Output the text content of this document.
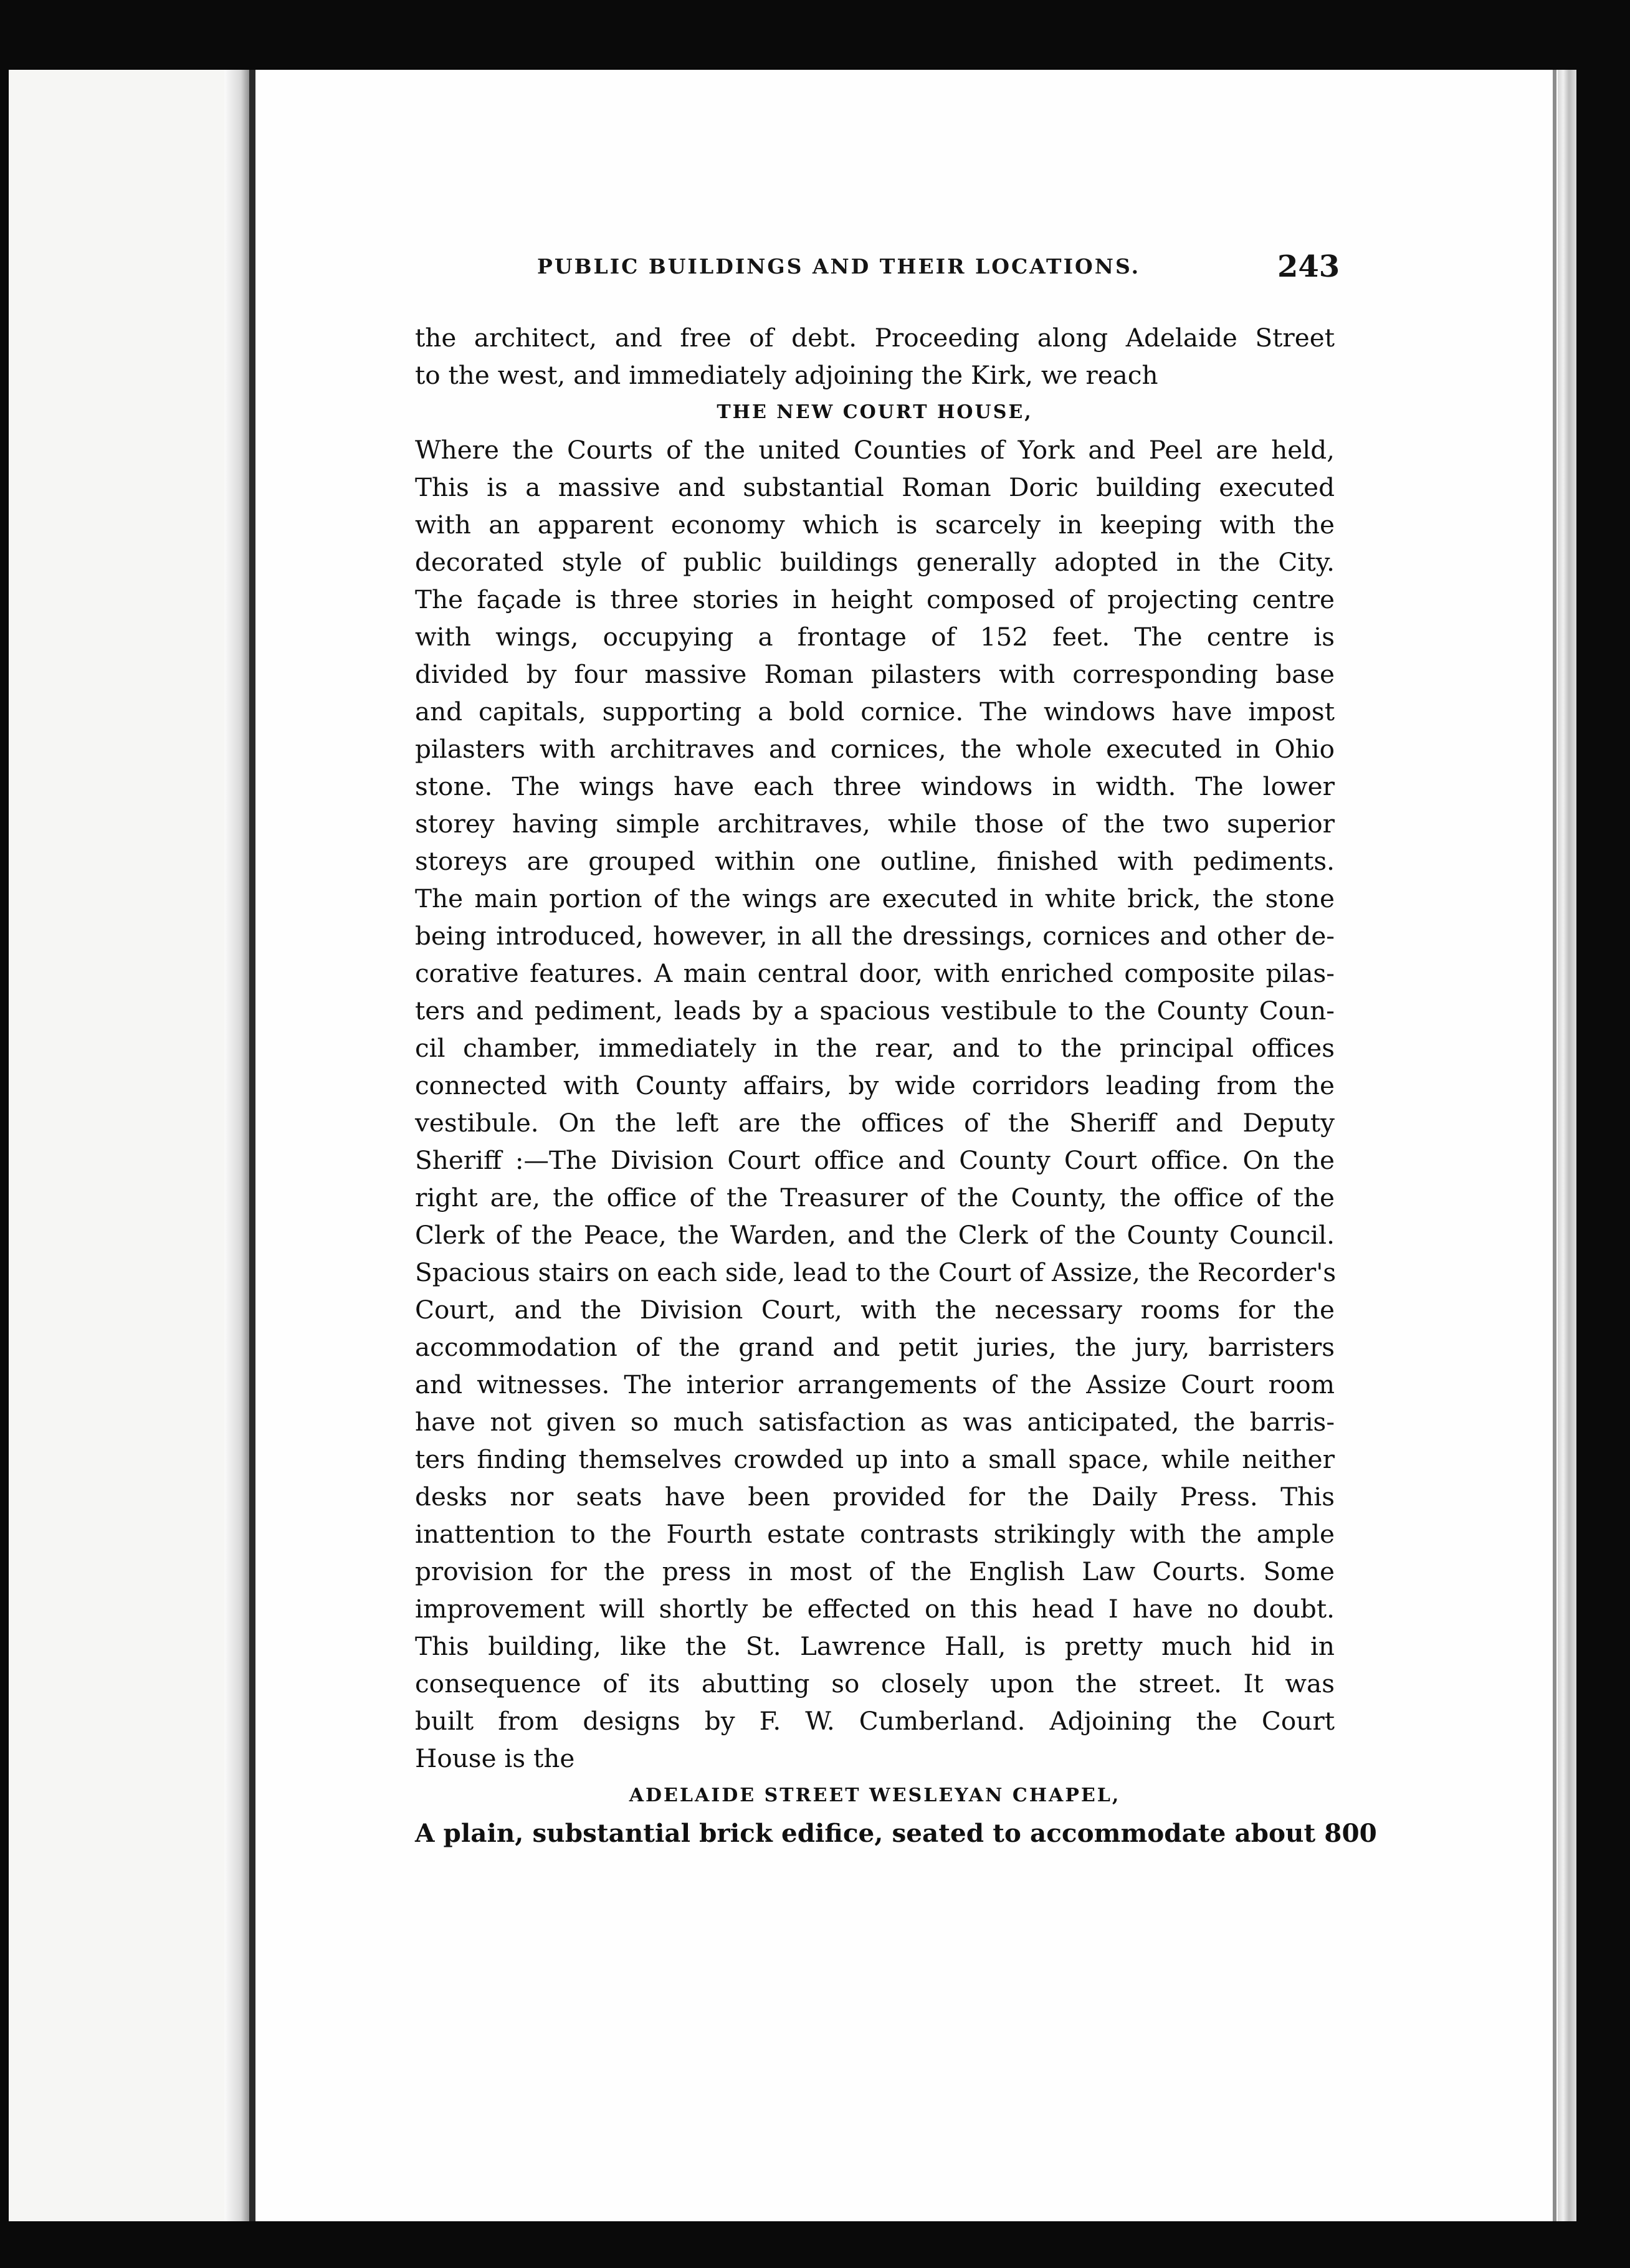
PUBLIC BUILDINGS AND THEIR LOCATIONS.	243
the architect, and free of debt. Proceeding along Adelaide Street
to the west, and immediately adjoining the Kirk, we reach
THE NEW COURT HOUSE,
Where the Courts of the united Counties of York and Peel are held,
This is a massive and substantial Roman Doric building executed
with an apparent economy which is scarcely in keeping with the
decorated style of public buildings generally adopted in the City.
The façade is three stories in height composed of projecting centre
with wings, occupying a frontage of 152 feet. The centre is
divided by four massive Roman pilasters with corresponding base
and capitals, supporting a bold cornice. The windows have impost
pilasters with architraves and cornices, the whole executed in Ohio
stone. The wings have each three windows in width. The lower
storey having simple architraves, while those of the two superior
storeys are grouped within one outline, finished with pediments.
The main portion of the wings are executed in white brick, the stone
being introduced, however, in all the dressings, cornices and other de-
corative features. A main central door, with enriched composite pilas-
ters and pediment, leads by a spacious vestibule to the County Coun-
cil chamber, immediately in the rear, and to the principal offices
connected with County affairs, by wide corridors leading from the
vestibule. On the left are the offices of the Sheriff and Deputy
Sheriff :—The Division Court office and County Court office. On the
right are, the office of the Treasurer of the County, the office of the
Clerk of the Peace, the Warden, and the Clerk of the County Council.
Spacious stairs on each side, lead to the Court of Assize, the Recorder's
Court, and the Division Court, with the necessary rooms for the
accommodation of the grand and petit juries, the jury, barristers
and witnesses. The interior arrangements of the Assize Court room
have not given so much satisfaction as was anticipated, the barris-
ters finding themselves crowded up into a small space, while neither
desks nor seats have been provided for the Daily Press. This
inattention to the Fourth estate contrasts strikingly with the ample
provision for the press in most of the English Law Courts. Some
improvement will shortly be effected on this head I have no doubt.
This building, like the St. Lawrence Hall, is pretty much hid in
consequence of its abutting so closely upon the street. It was
built from designs by F. W. Cumberland. Adjoining the Court
House is the
ADELAIDE STREET WESLEYAN CHAPEL,
A plain, substantial brick edifice, seated to accommodate about 800
